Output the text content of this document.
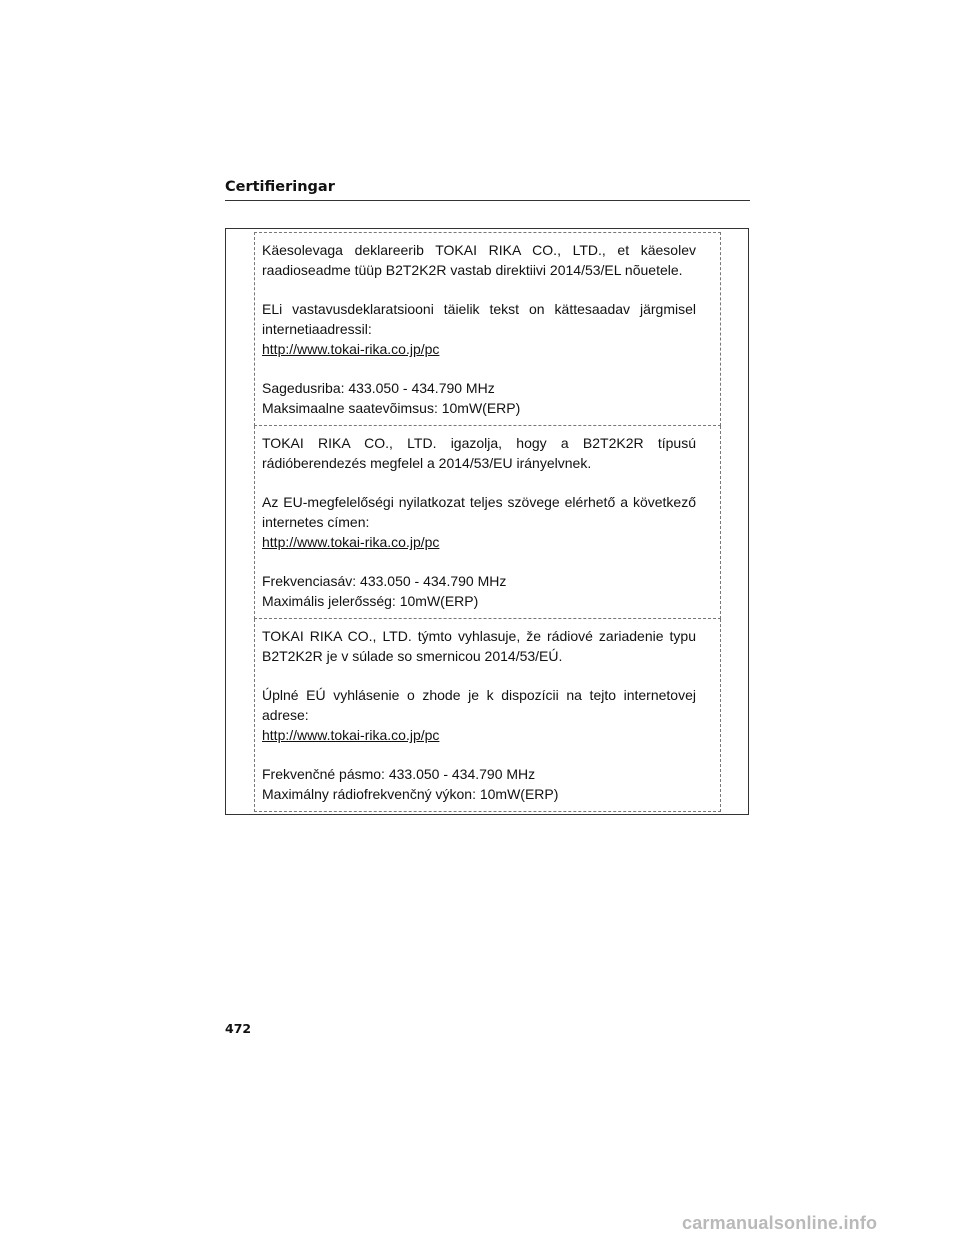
Certifieringar

Käesolevaga deklareerib TOKAI RIKA CO., LTD., et käesolev raadioseadme tüüp B2T2K2R vastab direktiivi 2014/53/EL nõuetele.

ELi vastavusdeklaratsiooni täielik tekst on kättesaadav järgmisel internetiaadressil:

http://www.tokai-rika.co.jp/pc

Sagedusriba: 433.050 - 434.790 MHz

Maksimaalne saatevõimsus: 10mW(ERP)

TOKAI RIKA CO., LTD. igazolja, hogy a B2T2K2R típusú rádióberendezés megfelel a 2014/53/EU irányelvnek.

Az EU-megfelelőségi nyilatkozat teljes szövege elérhető a következő internetes címen:

http://www.tokai-rika.co.jp/pc

Frekvenciasáv: 433.050 - 434.790 MHz

Maximális jelerősség: 10mW(ERP)

TOKAI RIKA CO., LTD. týmto vyhlasuje, že rádiové zariadenie typu B2T2K2R je v súlade so smernicou 2014/53/EÚ.

Úplné EÚ vyhlásenie o zhode je k dispozícii na tejto internetovej adrese:

http://www.tokai-rika.co.jp/pc

Frekvenčné pásmo: 433.050 - 434.790 MHz

Maximálny rádiofrekvenčný výkon: 10mW(ERP)

472
carmanualsonline.info
